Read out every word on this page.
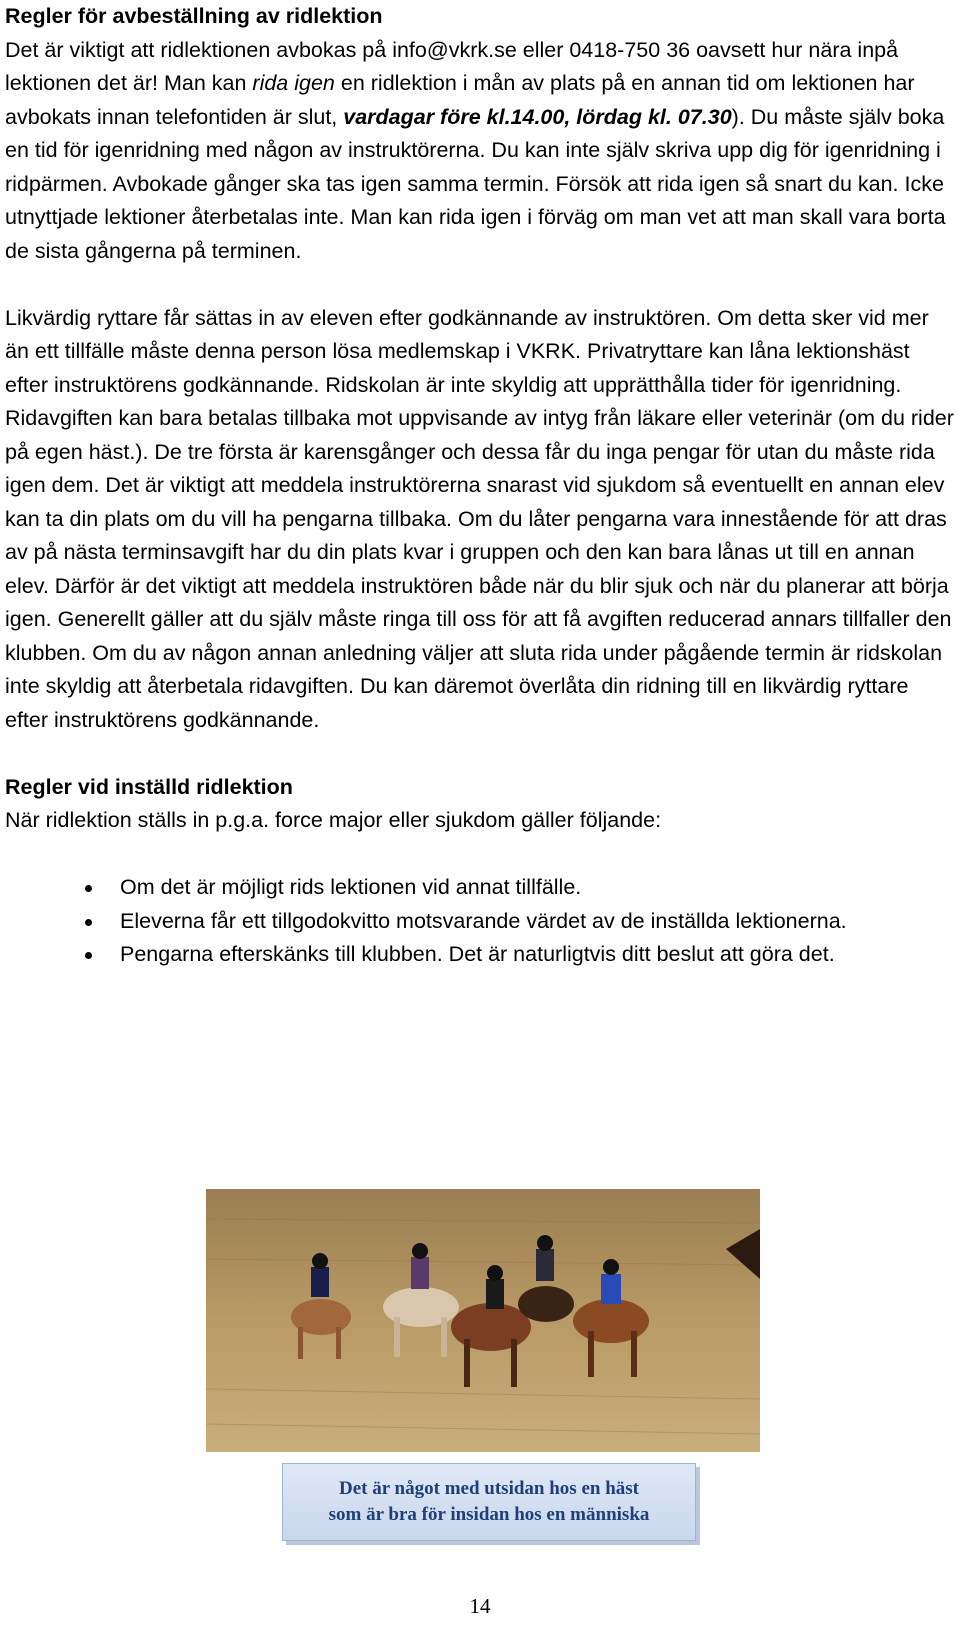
Regler för avbeställning av ridlektion

Det är viktigt att ridlektionen avbokas på info@vkrk.se eller 0418-750 36 oavsett hur nära inpå lektionen det är! Man kan rida igen en ridlektion i mån av plats på en annan tid om lektionen har avbokats innan telefontiden är slut, vardagar före kl.14.00, lördag kl. 07.30). Du måste själv boka en tid för igenridning med någon av instruktörerna. Du kan inte själv skriva upp dig för igenridning i ridpärmen. Avbokade gånger ska tas igen samma termin. Försök att rida igen så snart du kan. Icke utnyttjade lektioner återbetalas inte. Man kan rida igen i förväg om man vet att man skall vara borta de sista gångerna på terminen.

Likvärdig ryttare får sättas in av eleven efter godkännande av instruktören. Om detta sker vid mer än ett tillfälle måste denna person lösa medlemskap i VKRK. Privatryttare kan låna lektionshäst efter instruktörens godkännande. Ridskolan är inte skyldig att upprätthålla tider för igenridning. Ridavgiften kan bara betalas tillbaka mot uppvisande av intyg från läkare eller veterinär (om du rider på egen häst.). De tre första är karensgånger och dessa får du inga pengar för utan du måste rida igen dem. Det är viktigt att meddela instruktörerna snarast vid sjukdom så eventuellt en annan elev kan ta din plats om du vill ha pengarna tillbaka. Om du låter pengarna vara innestående för att dras av på nästa terminsavgift har du din plats kvar i gruppen och den kan bara lånas ut till en annan elev. Därför är det viktigt att meddela instruktören både när du blir sjuk och när du planerar att börja igen. Generellt gäller att du själv måste ringa till oss för att få avgiften reducerad annars tillfaller den klubben. Om du av någon annan anledning väljer att sluta rida under pågående termin är ridskolan inte skyldig att återbetala ridavgiften. Du kan däremot överlåta din ridning till en likvärdig ryttare efter instruktörens godkännande.

Regler vid inställd ridlektion

När ridlektion ställs in p.g.a. force major eller sjukdom gäller följande:

Om det är möjligt rids lektionen vid annat tillfälle.
Eleverna får ett tillgodokvitto motsvarande värdet av de inställda lektionerna.
Pengarna efterskänks till klubben. Det är naturligtvis ditt beslut att göra det.
Det är något med utsidan hos en häst
som är bra för insidan hos en människa
14
